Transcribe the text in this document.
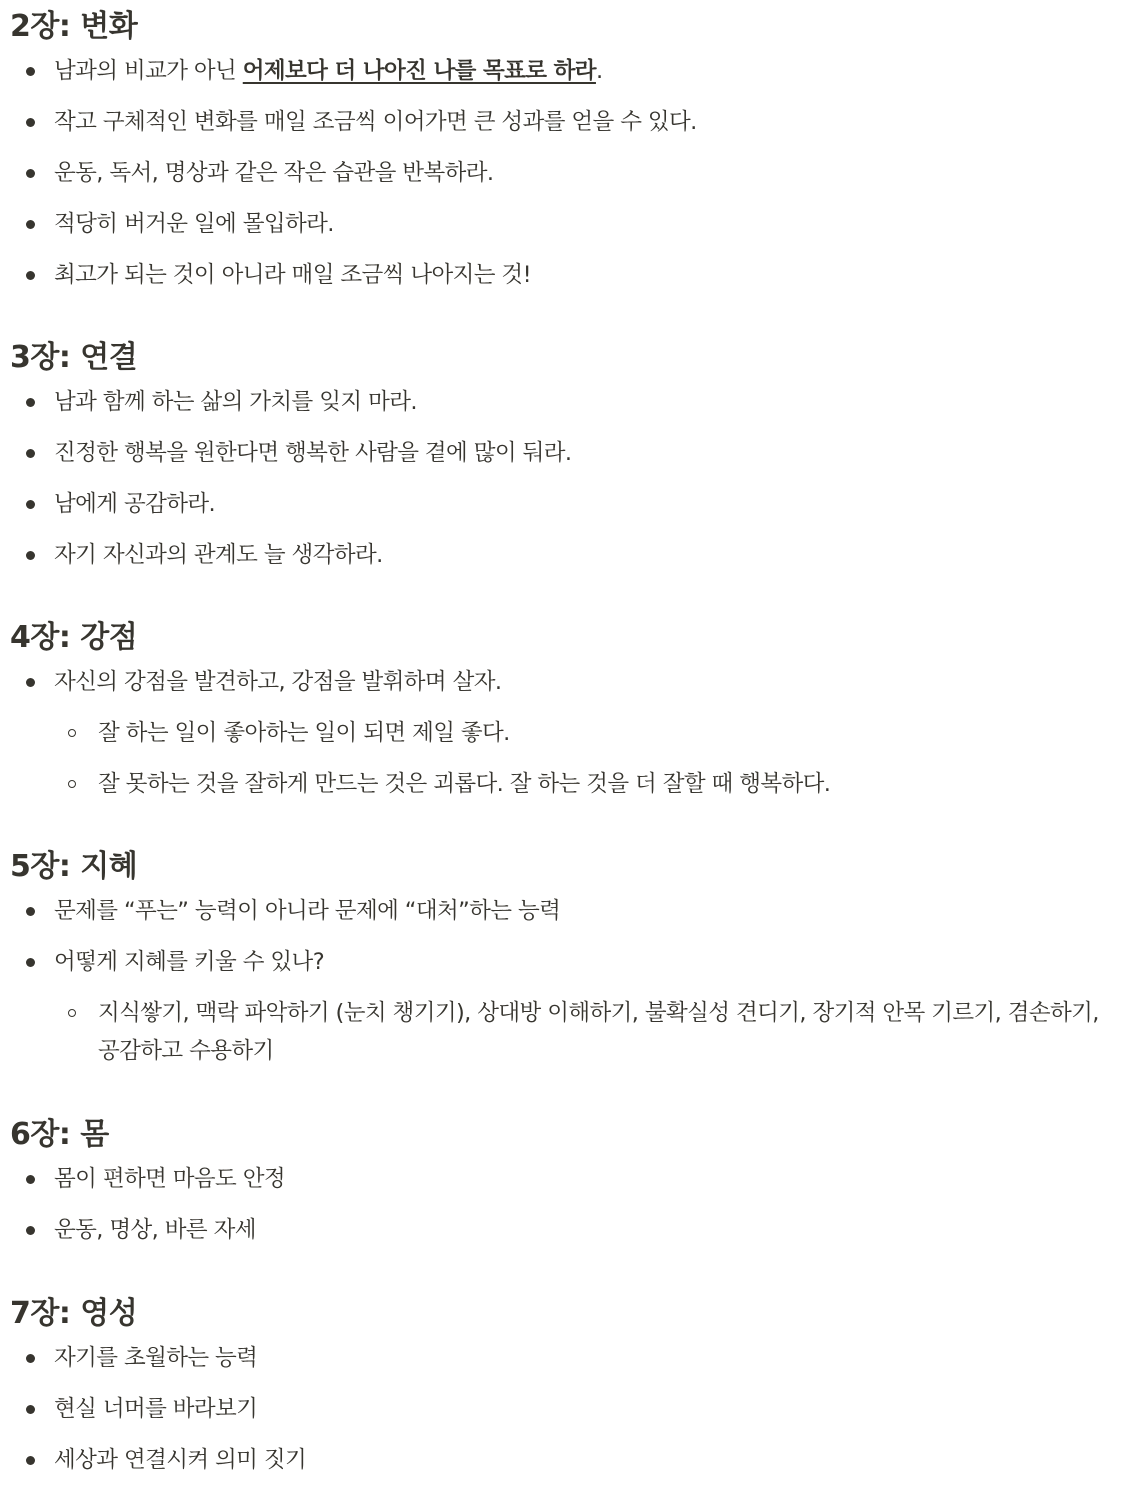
2장: 변화
남과의 비교가 아닌 어제보다 더 나아진 나를 목표로 하라.
작고 구체적인 변화를 매일 조금씩 이어가면 큰 성과를 얻을 수 있다.
운동, 독서, 명상과 같은 작은 습관을 반복하라.
적당히 버거운 일에 몰입하라.
최고가 되는 것이 아니라 매일 조금씩 나아지는 것!
3장: 연결
남과 함께 하는 삶의 가치를 잊지 마라.
진정한 행복을 원한다면 행복한 사람을 곁에 많이 둬라.
남에게 공감하라.
자기 자신과의 관계도 늘 생각하라.
4장: 강점
자신의 강점을 발견하고, 강점을 발휘하며 살자.
잘 하는 일이 좋아하는 일이 되면 제일 좋다.
잘 못하는 것을 잘하게 만드는 것은 괴롭다. 잘 하는 것을 더 잘할 때 행복하다.
5장: 지혜
문제를 “푸는” 능력이 아니라 문제에 “대처”하는 능력
어떻게 지혜를 키울 수 있나?
지식쌓기, 맥락 파악하기 (눈치 챙기기), 상대방 이해하기, 불확실성 견디기, 장기적 안목 기르기, 겸손하기, 공감하고 수용하기
6장: 몸
몸이 편하면 마음도 안정
운동, 명상, 바른 자세
7장: 영성
자기를 초월하는 능력
현실 너머를 바라보기
세상과 연결시켜 의미 짓기
